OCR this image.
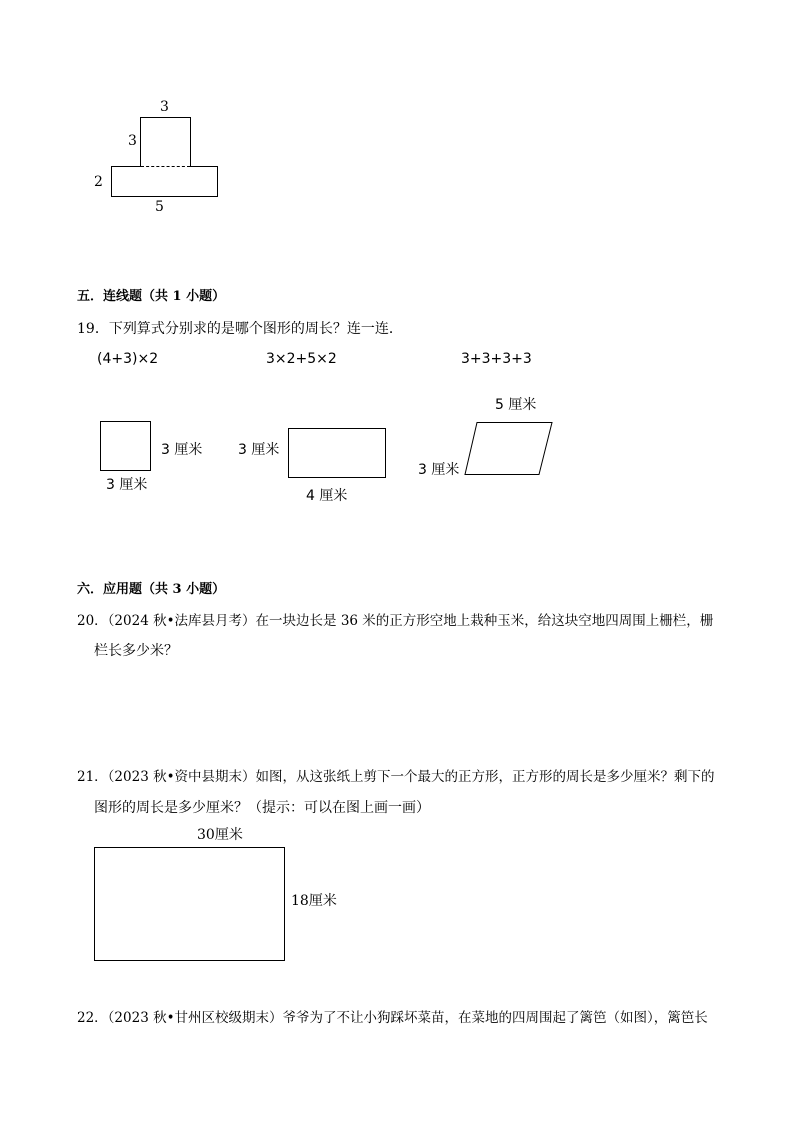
3
3
2
5
五．连线题（共 1 小题）
19．下列算式分别求的是哪个图形的周长？连一连．
(4+3)×2	3×2+5×2	3+3+3+3
3 厘米
3 厘米
3 厘米
4 厘米
5 厘米
3 厘米
六．应用题（共 3 小题）
20．（2024 秋•法库县月考）在一块边长是 36 米的正方形空地上栽种玉米，给这块空地四周围上栅栏，栅
栏长多少米？
21．（2023 秋•资中县期末）如图，从这张纸上剪下一个最大的正方形，正方形的周长是多少厘米？剩下的
图形的周长是多少厘米？（提示：可以在图上画一画）
30厘米
18厘米
22．（2023 秋•甘州区校级期末）爷爷为了不让小狗踩坏菜苗，在菜地的四周围起了篱笆（如图），篱笆长
